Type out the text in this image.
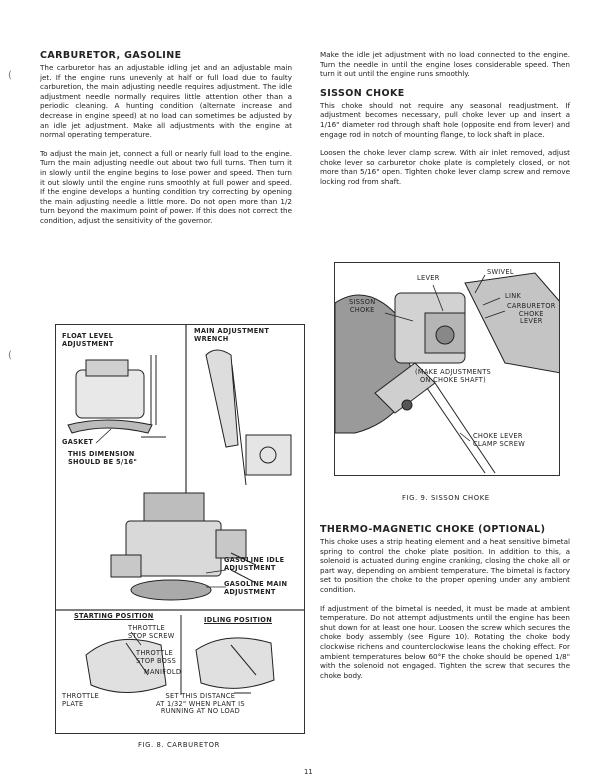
(
(
CARBURETOR, GASOLINE

The carburetor has an adjustable idling jet and an adjustable main jet. If the engine runs unevenly at half or full load due to faulty carburetion, the main adjusting needle requires adjustment. The idle adjustment needle normally requires little attention other than a periodic cleaning. A hunting condition (alternate increase and decrease in engine speed) at no load can sometimes be adjusted by an idle jet adjustment. Make all adjustments with the engine at normal operating temperature.

To adjust the main jet, connect a full or nearly full load to the engine. Turn the main adjusting needle out about two full turns. Then turn it in slowly until the engine begins to lose power and speed. Then turn it out slowly until the engine runs smoothly at full power and speed. If the engine develops a hunting condition try correcting by opening the main adjusting needle a little more. Do not open more than 1/2 turn beyond the maximum point of power. If this does not correct the condition, adjust the sensitivity of the governor.

Make the idle jet adjustment with no load connected to the engine. Turn the needle in until the engine loses considerable speed. Then turn it out until the engine runs smoothly.

SISSON CHOKE

This choke should not require any seasonal readjustment. If adjustment becomes necessary, pull choke lever up and insert a 1/16" diameter rod through shaft hole (opposite end from lever) and engage rod in notch of mounting flange, to lock shaft in place.

Loosen the choke lever clamp screw. With air inlet removed, adjust choke lever so carburetor choke plate is completely closed, or not more than 5/16" open. Tighten choke lever clamp screw and remove locking rod from shaft.

THERMO-MAGNETIC CHOKE (OPTIONAL)

This choke uses a strip heating element and a heat sensitive bimetal spring to control the choke plate position. In addition to this, a solenoid is actuated during engine cranking, closing the choke all or part way, depending on ambient temperature. The bimetal is factory set to position the choke to the proper opening under any ambient condition.

If adjustment of the bimetal is needed, it must be made at ambient temperature. Do not attempt adjustments until the engine has been shut down for at least one hour. Loosen the screw which secures the choke body assembly (see Figure 10). Rotating the choke body clockwise richens and counterclockwise leans the choking effect. For ambient temperatures below 60°F the choke should be opened 1/8" with the solenoid not engaged. Tighten the screw that secures the choke body.

FLOAT LEVEL
ADJUSTMENT
MAIN ADJUSTMENT
WRENCH
GASKET
THIS DIMENSION
SHOULD BE 5/16"
GASOLINE IDLE
ADJUSTMENT
GASOLINE MAIN
ADJUSTMENT
STARTING POSITION	IDLING POSITION
THROTTLE
STOP SCREW
THROTTLE
STOP BOSS
MANIFOLD
THROTTLE
PLATE
SET THIS DISTANCE
AT 1/32" WHEN PLANT IS
RUNNING AT NO LOAD
FIG. 8. CARBURETOR
LEVER
SWIVEL
SISSON
CHOKE
LINK
CARBURETOR
CHOKE
LEVER
(MAKE ADJUSTMENTS
ON CHOKE SHAFT)
CHOKE LEVER
CLAMP SCREW
FIG. 9. SISSON CHOKE
11
